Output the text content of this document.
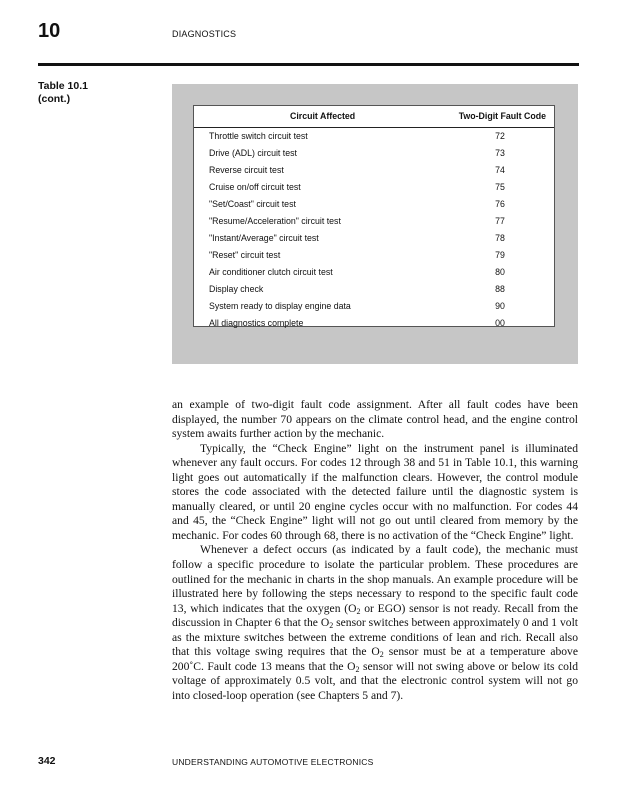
10	DIAGNOSTICS
Table 10.1
(cont.)
Circuit Affected	Two-Digit Fault Code
Throttle switch circuit test	72
Drive (ADL) circuit test	73
Reverse circuit test	74
Cruise on/off circuit test	75
"Set/Coast" circuit test	76
"Resume/Acceleration" circuit test	77
"Instant/Average" circuit test	78
"Reset" circuit test	79
Air conditioner clutch circuit test	80
Display check	88
System ready to display engine data	90
All diagnostics complete	00

an example of two-digit fault code assignment. After all fault codes have been displayed, the number 70 appears on the climate control head, and the engine control system awaits further action by the mechanic.

Typically, the “Check Engine” light on the instrument panel is illuminated whenever any fault occurs. For codes 12 through 38 and 51 in Table 10.1, this warning light goes out automatically if the malfunction clears. However, the control module stores the code associated with the detected failure until the diagnostic system is manually cleared, or until 20 engine cycles occur with no malfunction. For codes 44 and 45, the “Check Engine” light will not go out until cleared from memory by the mechanic. For codes 60 through 68, there is no activation of the “Check Engine” light.

Whenever a defect occurs (as indicated by a fault code), the mechanic must follow a specific procedure to isolate the particular problem. These procedures are outlined for the mechanic in charts in the shop manuals. An example procedure will be illustrated here by following the steps necessary to respond to the specific fault code 13, which indicates that the oxygen ($O_2$ or EGO) sensor is not ready. Recall from the discussion in Chapter 6 that the $O_2$ sensor switches between approximately 0 and 1 volt as the mixture switches between the extreme conditions of lean and rich. Recall also that this voltage swing requires that the $O_2$ sensor must be at a temperature above 200˚C. Fault code 13 means that the $O_2$ sensor will not swing above or below its cold voltage of approximately 0.5 volt, and that the electronic control system will not go into closed-loop operation (see Chapters 5 and 7).

342	UNDERSTANDING AUTOMOTIVE ELECTRONICS
